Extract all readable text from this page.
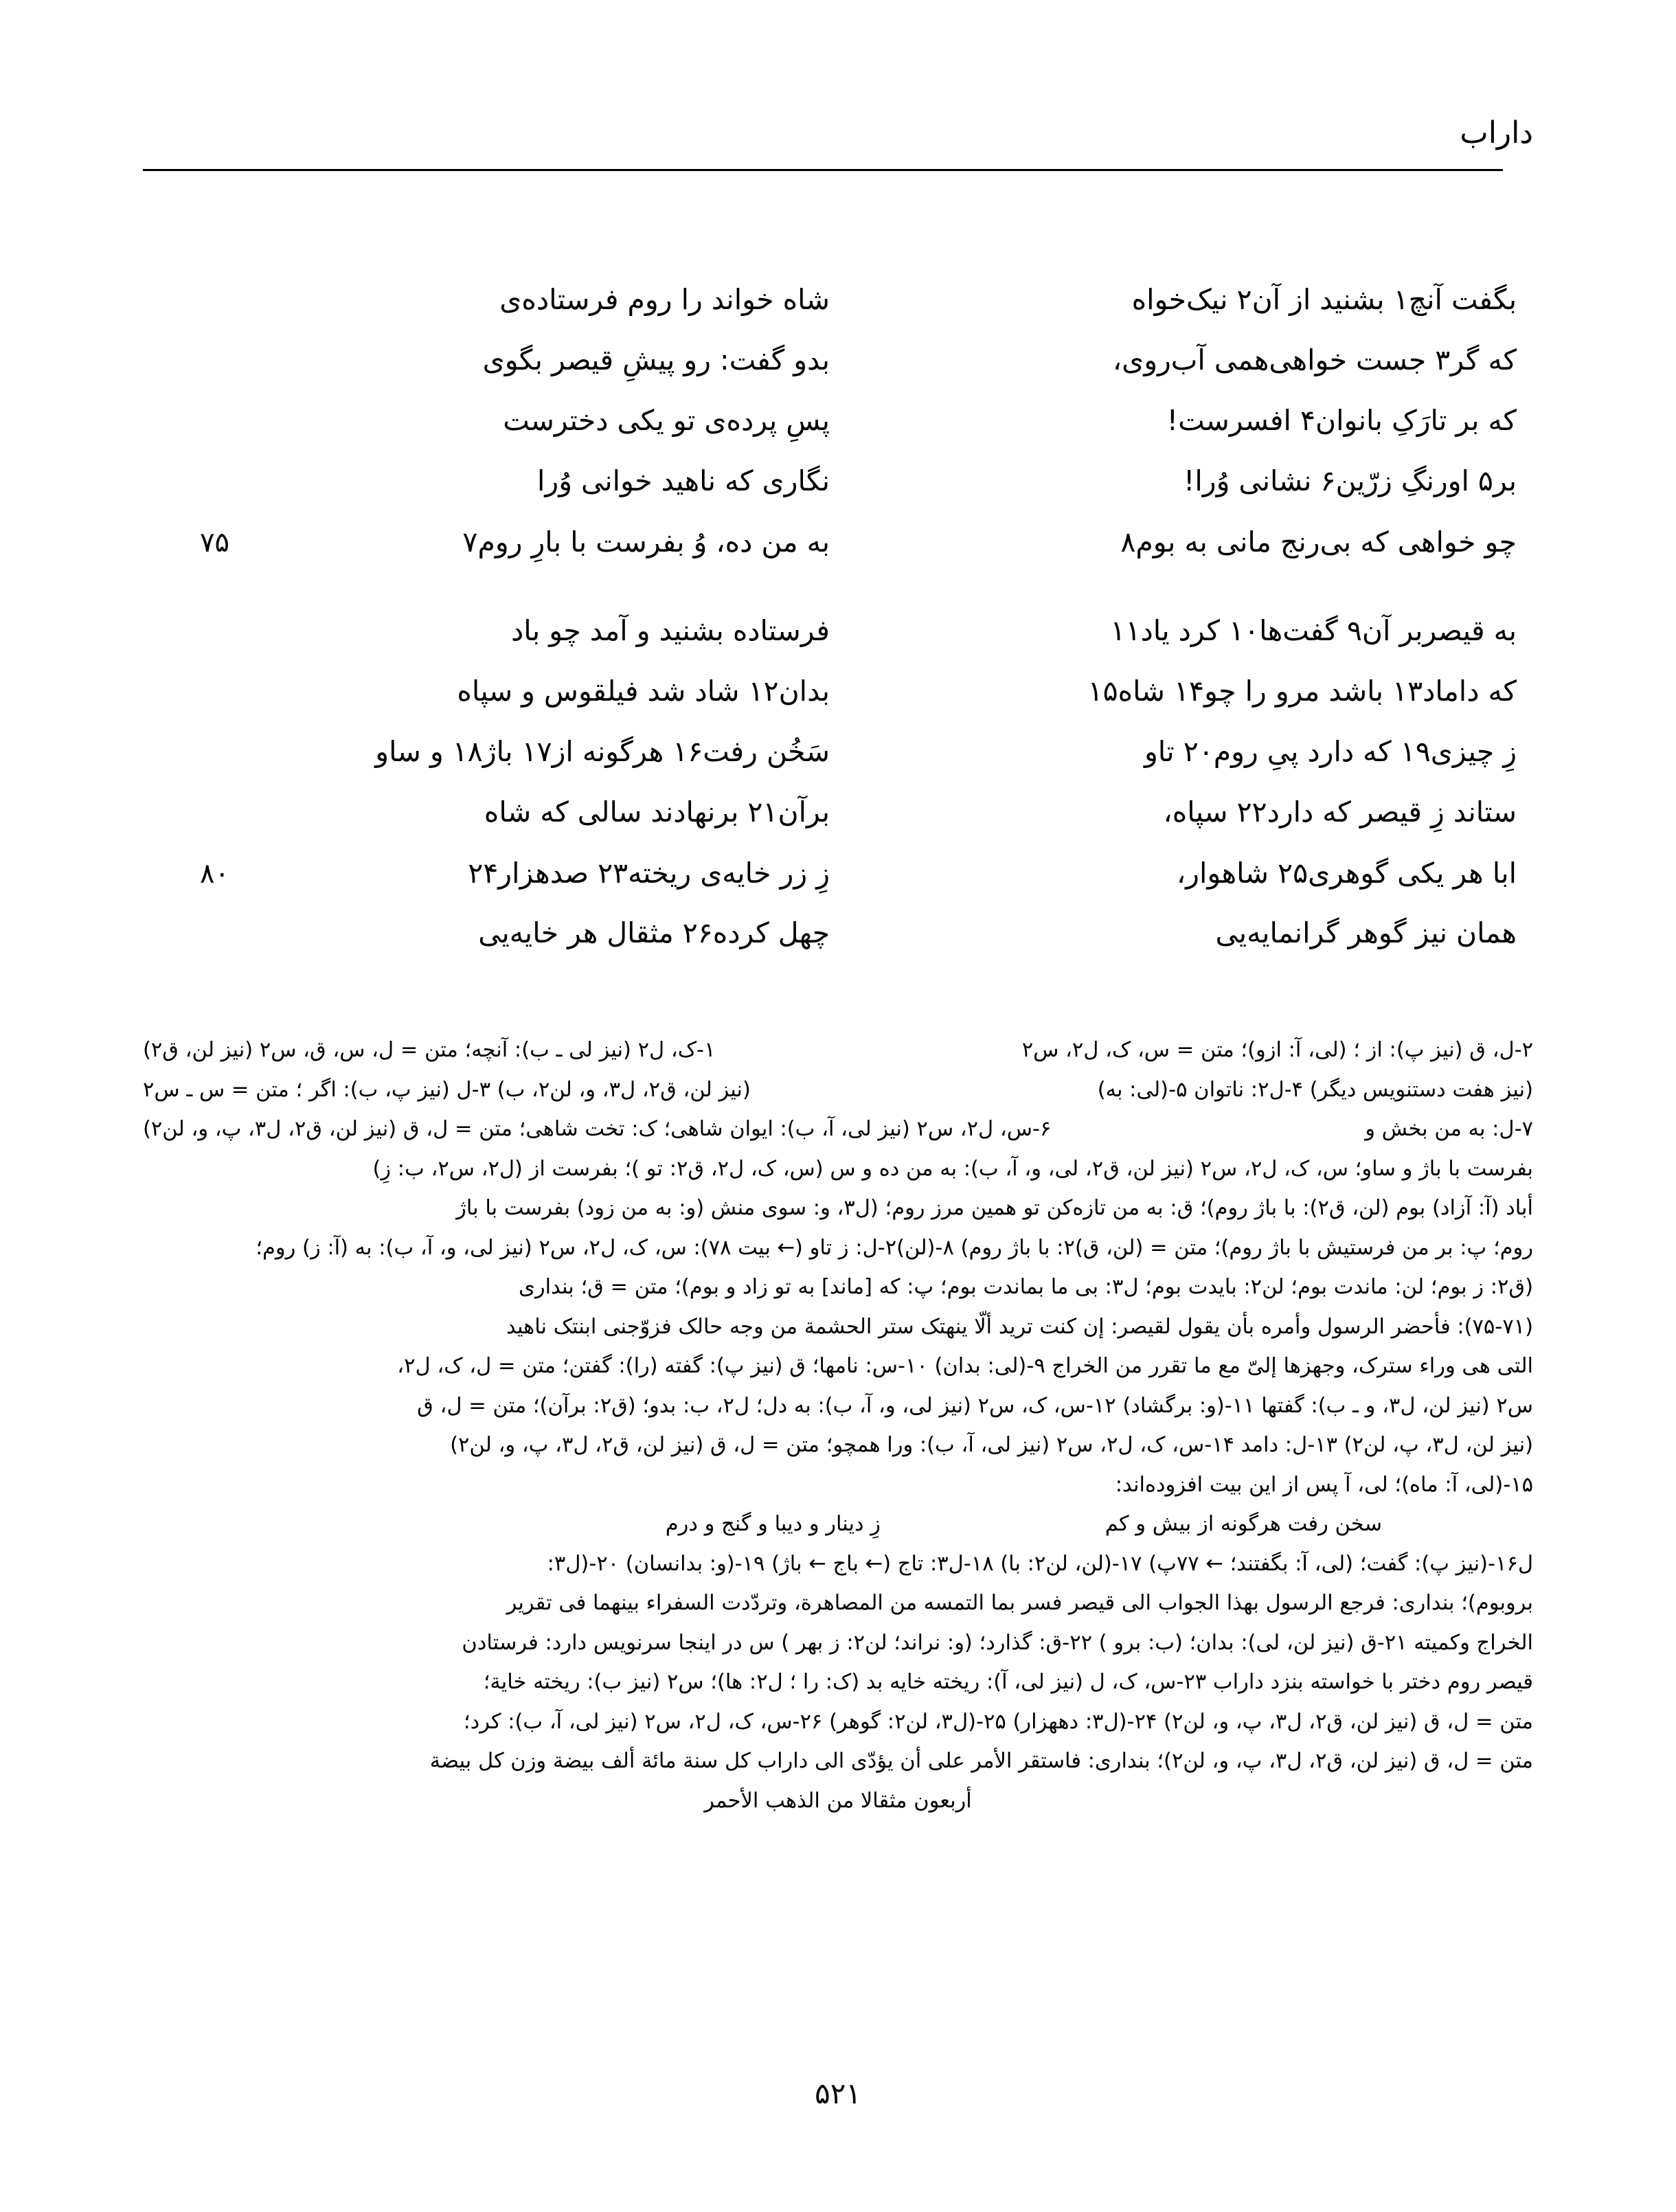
داراب
بگفت آنچ۱ بشنید از آن۲ نیک‌خواه
شاه خواند را روم فرستاده‌ی
که گر۳ جست خواهی‌همی آب‌روی،
بدو گفت: رو پیشِ قیصر بگوی
که بر تارَکِ بانوان۴ افسرست!
پسِ پرده‌ی تو یکی دخترست
بر۵ اورنگِ زرّین۶ نشانی وُرا!
نگاری که ناهید خوانی وُرا
چو خواهی که بی‌رنج مانی به بوم۸
به من ده، وُ بفرست با بارِ روم۷
۷۵
به قیصربر آن۹ گفت‌ها۱۰ کرد یاد۱۱
فرستاده بشنید و آمد چو باد
که داماد۱۳ باشد مرو را چو۱۴ شاه۱۵
بدان۱۲ شاد شد فیلقوس و سپاه
زِ چیزی۱۹ که دارد پیِ روم۲۰ تاو
سَخُن رفت۱۶ هرگونه از۱۷ باژ۱۸ و ساو
ستاند زِ قیصر که دارد۲۲ سپاه،
برآن۲۱ برنهادند سالی که شاه
ابا هر یکی گوهری۲۵ شاهوار،
زِ زر خایه‌ی ریخته۲۳ صدهزار۲۴
۸۰
همان نیز گوهر گرانمایه‌یی
چهل کرده۲۶ مثقال هر خایه‌یی
۲-ل، ق (نیز پ): از ؛ (لی، آ: ازو)؛ متن = س، ک، ل۲، س۲
۱-ک، ل۲ (نیز لی ـ ب): آنچه؛ متن = ل، س، ق، س۲ (نیز لن، ق۲)
(نیز هفت دستنویس دیگر) ۴-ل۲: ناتوان ۵-(لی: به)
(نیز لن، ق۲، ل۳، و، لن۲، ب) ۳-ل (نیز پ، ب): اگر ؛ متن = س ـ س۲
۷-ل: به من بخش و
۶-س، ل۲، س۲ (نیز لی، آ، ب): ایوان شاهی؛ ک: تخت شاهی؛ متن = ل، ق (نیز لن، ق۲، ل۳، پ، و، لن۲)
بفرست با باژ و ساو؛ س، ک، ل۲، س۲ (نیز لن، ق۲، لی، و، آ، ب): به من ده و س (س، ک، ل۲، ق۲: تو )؛ بفرست از (ل۲، س۲، ب: زِ)
أباد (آ: آزاد) بوم (لن، ق۲): با باژ روم)؛ ق: به من تازه‌کن تو همین مرز روم؛ (ل۳، و: سوی منش (و: به من زود) بفرست با باژ
روم؛ پ: بر من فرستیش با باژ روم)؛ متن = (لن، ق)۲: با باژ روم) ۸-(لن)۲-ل: ز تاو (← بیت ۷۸): س، ک، ل۲، س۲ (نیز لی، و، آ، ب): به (آ: ز) روم؛
(ق۲: ز بوم؛ لن: ماندت بوم؛ لن۲: بایدت بوم؛ ل۳: بی ما بماندت بوم؛ پ: که [ماند] به تو زاد و بوم)؛ متن = ق؛ بنداری
(۷۵-۷۱): فأحضر الرسول وأمره بأن یقول لقیصر: إن کنت ترید ألّا ینهتک ستر الحشمة من وجه حالک فزوّجنی ابنتک ناهید
التی هی وراء سترک، وجهزها إلیّ مع ما تقرر من الخراج ۹-(لی: بدان) ۱۰-س: نامها؛ ق (نیز پ): گفته (را): گفتن؛ متن = ل، ک، ل۲،
س۲ (نیز لن، ل۳، و ـ ب): گفتها ۱۱-(و: برگشاد) ۱۲-س، ک، س۲ (نیز لی، و، آ، ب): به دل؛ ل۲، ب: بدو؛ (ق۲: برآن)؛ متن = ل، ق
(نیز لن، ل۳، پ، لن۲) ۱۳-ل: دامد ۱۴-س، ک، ل۲، س۲ (نیز لی، آ، ب): ورا همچو؛ متن = ل، ق (نیز لن، ق۲، ل۳، پ، و، لن۲)
۱۵-(لی، آ: ماه)؛ لی، آ پس از این بیت افزوده‌اند:
سخن رفت هرگونه از بیش و کم
زِ دینار و دیبا و گنج و درم
ل۱۶-(نیز پ): گفت؛ (لی، آ: بگفتند؛ ← ۷۷پ) ۱۷-(لن، لن۲: با) ۱۸-ل۳: تاج (← باج ← باژ) ۱۹-(و: بدانسان) ۲۰-(ل۳:
بروبوم)؛ بنداری: فرجع الرسول بهذا الجواب الی قیصر فسر بما التمسه من المصاهرة، وتردّدت السفراء بینهما فی تقریر
الخراج وکمیته ۲۱-ق (نیز لن، لی): بدان؛ (ب: برو ) ۲۲-ق: گذارد؛ (و: نراند؛ لن۲: ز بهر ) س در اینجا سرنویس دارد: فرستادن
قیصر روم دختر با خواسته بنزد داراب ۲۳-س، ک، ل (نیز لی، آ): ریخته خایه بد (ک: را ؛ ل۲: ها)؛ س۲ (نیز ب): ریخته خایة؛
متن = ل، ق (نیز لن، ق۲، ل۳، پ، و، لن۲) ۲۴-(ل۳: دههزار) ۲۵-(ل۳، لن۲: گوهر) ۲۶-س، ک، ل۲، س۲ (نیز لی، آ، ب): کرد؛
متن = ل، ق (نیز لن، ق۲، ل۳، پ، و، لن۲)؛ بنداری: فاستقر الأمر علی أن یؤدّی الی داراب کل سنة مائة ألف بیضة وزن کل بیضة
أربعون مثقالا من الذهب الأحمر
۵۲۱
